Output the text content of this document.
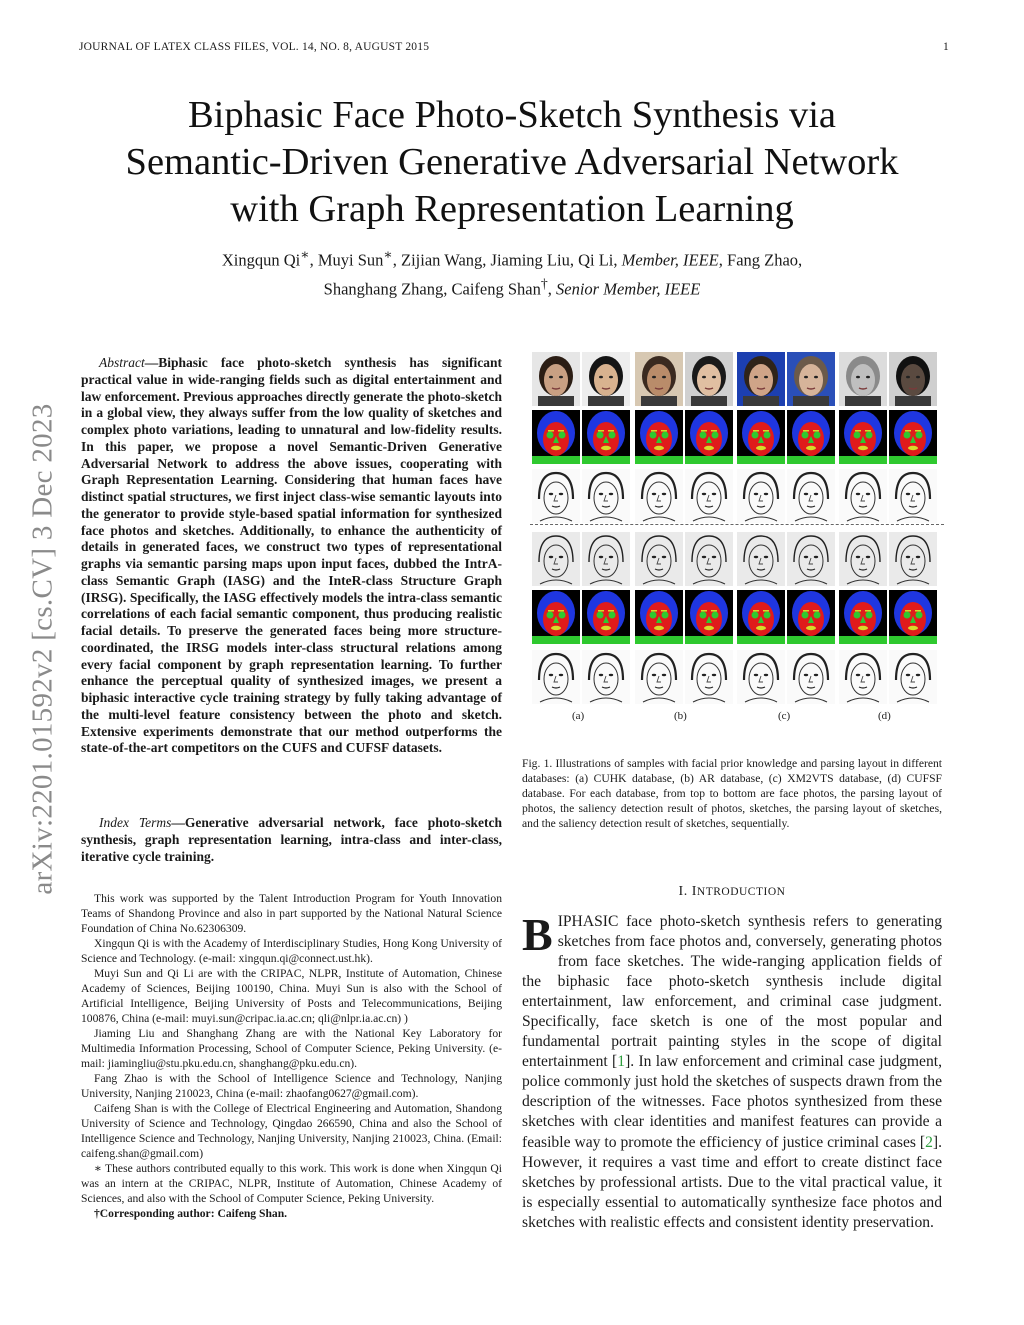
JOURNAL OF LATEX CLASS FILES, VOL. 14, NO. 8, AUGUST 2015	1
Biphasic Face Photo-Sketch Synthesis via
Semantic-Driven Generative Adversarial Network
with Graph Representation Learning
Xingqun Qi∗, Muyi Sun∗, Zijian Wang, Jiaming Liu, Qi Li, Member, IEEE, Fang Zhao,
Shanghang Zhang, Caifeng Shan†, Senior Member, IEEE
arXiv:2201.01592v2 [cs.CV] 3 Dec 2023
Abstract—Biphasic face photo-sketch synthesis has significant practical value in wide-ranging fields such as digital entertainment and law enforcement. Previous approaches directly generate the photo-sketch in a global view, they always suffer from the low quality of sketches and complex photo variations, leading to unnatural and low-fidelity results. In this paper, we propose a novel Semantic-Driven Generative Adversarial Network to address the above issues, cooperating with Graph Representation Learning. Considering that human faces have distinct spatial structures, we first inject class-wise semantic layouts into the generator to provide style-based spatial information for synthesized face photos and sketches. Additionally, to enhance the authenticity of details in generated faces, we construct two types of representational graphs via semantic parsing maps upon input faces, dubbed the IntrA-class Semantic Graph (IASG) and the InteR-class Structure Graph (IRSG). Specifically, the IASG effectively models the intra-class semantic correlations of each facial semantic component, thus producing realistic facial details. To preserve the generated faces being more structure-coordinated, the IRSG models inter-class structural relations among every facial component by graph representation learning. To further enhance the perceptual quality of synthesized images, we present a biphasic interactive cycle training strategy by fully taking advantage of the multi-level feature consistency between the photo and sketch. Extensive experiments demonstrate that our method outperforms the state-of-the-art competitors on the CUFS and CUFSF datasets.
Index Terms—Generative adversarial network, face photo-sketch synthesis, graph representation learning, intra-class and inter-class, iterative cycle training.

This work was supported by the Talent Introduction Program for Youth Innovation Teams of Shandong Province and also in part supported by the National Natural Science Foundation of China No.62306309.

Xingqun Qi is with the Academy of Interdisciplinary Studies, Hong Kong University of Science and Technology. (e-mail: xingqun.qi@connect.ust.hk).

Muyi Sun and Qi Li are with the CRIPAC, NLPR, Institute of Automation, Chinese Academy of Sciences, Beijing 100190, China. Muyi Sun is also with the School of Artificial Intelligence, Beijing University of Posts and Telecommunications, Beijing 100876, China (e-mail: muyi.sun@cripac.ia.ac.cn; qli@nlpr.ia.ac.cn) )

Jiaming Liu and Shanghang Zhang are with the National Key Laboratory for Multimedia Information Processing, School of Computer Science, Peking University. (e-mail: jiamingliu@stu.pku.edu.cn, shanghang@pku.edu.cn).

Fang Zhao is with the School of Intelligence Science and Technology, Nanjing University, Nanjing 210023, China (e-mail: zhaofang0627@gmail.com).

Caifeng Shan is with the College of Electrical Engineering and Automation, Shandong University of Science and Technology, Qingdao 266590, China and also the School of Intelligence Science and Technology, Nanjing University, Nanjing 210023, China. (Email: caifeng.shan@gmail.com)

∗ These authors contributed equally to this work. This work is done when Xingqun Qi was an intern at the CRIPAC, NLPR, Institute of Automation, Chinese Academy of Sciences, and also with the School of Computer Science, Peking University.

†Corresponding author: Caifeng Shan.

(a)	(b)	(c)	(d)
Fig. 1. Illustrations of samples with facial prior knowledge and parsing layout in different databases: (a) CUHK database, (b) AR database, (c) XM2VTS database, (d) CUFSF database. For each database, from top to bottom are face photos, the parsing layout of photos, the saliency detection result of photos, sketches, the parsing layout of sketches, and the saliency detection result of sketches, sequentially.
I. INTRODUCTION
BIPHASIC face photo-sketch synthesis refers to generating sketches from face photos and, conversely, generating photos from face sketches. The wide-ranging application fields of the biphasic face photo-sketch synthesis include digital entertainment, law enforcement, and criminal case judgment. Specifically, face sketch is one of the most popular and fundamental portrait painting styles in the scope of digital entertainment [1]. In law enforcement and criminal case judgment, police commonly just hold the sketches of suspects drawn from the description of the witnesses. Face photos synthesized from these sketches with clear identities and manifest features can provide a feasible way to promote the efficiency of justice criminal cases [2]. However, it requires a vast time and effort to create distinct face sketches by professional artists. Due to the vital practical value, it is especially essential to automatically synthesize face photos and sketches with realistic effects and consistent identity preservation.
